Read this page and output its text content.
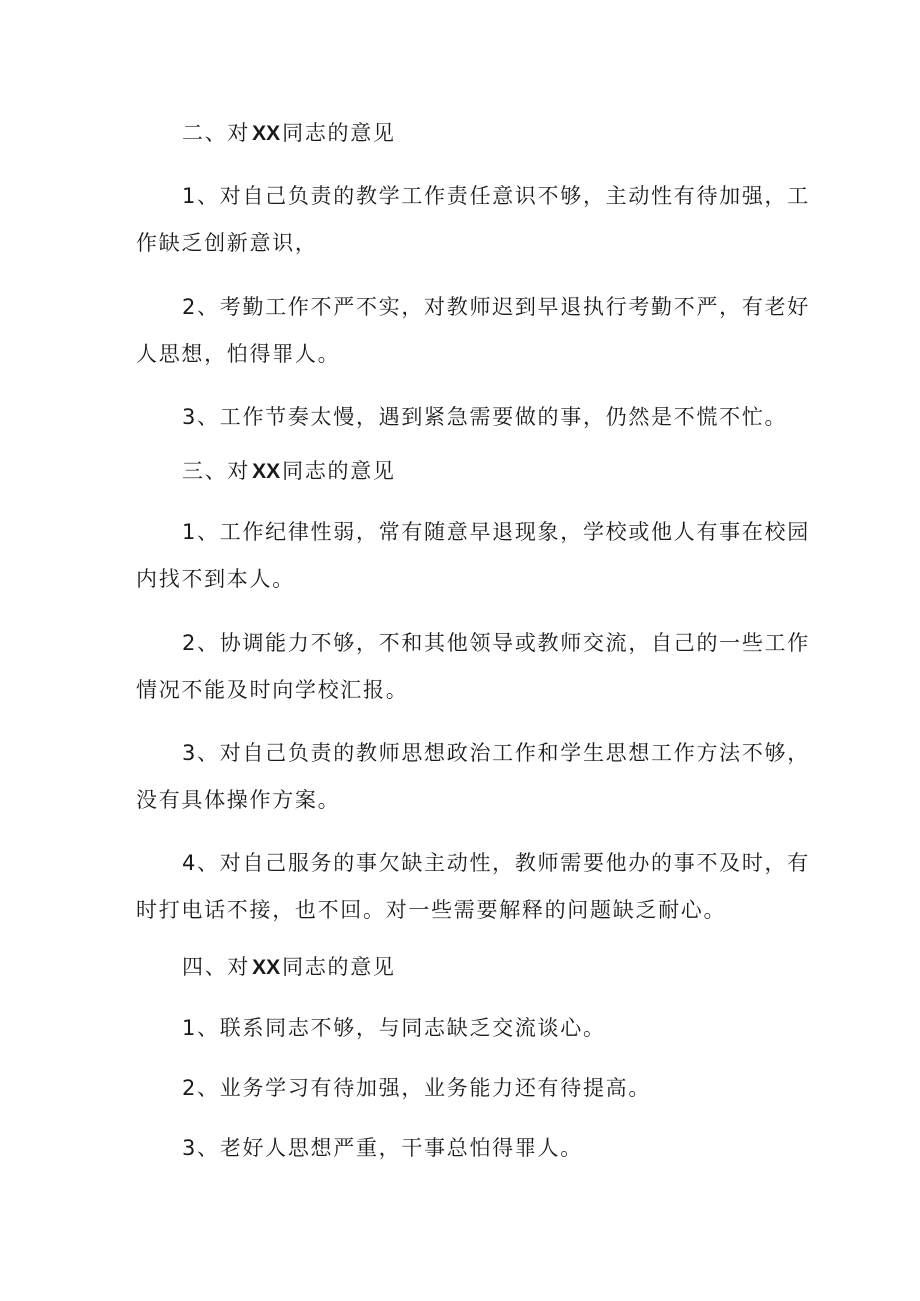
二、对XX同志的意见
1、对自己负责的教学工作责任意识不够，主动性有待加强，工
作缺乏创新意识，
2、考勤工作不严不实，对教师迟到早退执行考勤不严，有老好
人思想，怕得罪人。
3、工作节奏太慢，遇到紧急需要做的事，仍然是不慌不忙。
三、对XX同志的意见
1、工作纪律性弱，常有随意早退现象，学校或他人有事在校园
内找不到本人。
2、协调能力不够，不和其他领导或教师交流，自己的一些工作
情况不能及时向学校汇报。
3、对自己负责的教师思想政治工作和学生思想工作方法不够，
没有具体操作方案。
4、对自己服务的事欠缺主动性，教师需要他办的事不及时，有
时打电话不接，也不回。对一些需要解释的问题缺乏耐心。
四、对XX同志的意见
1、联系同志不够，与同志缺乏交流谈心。
2、业务学习有待加强，业务能力还有待提高。
3、老好人思想严重，干事总怕得罪人。
